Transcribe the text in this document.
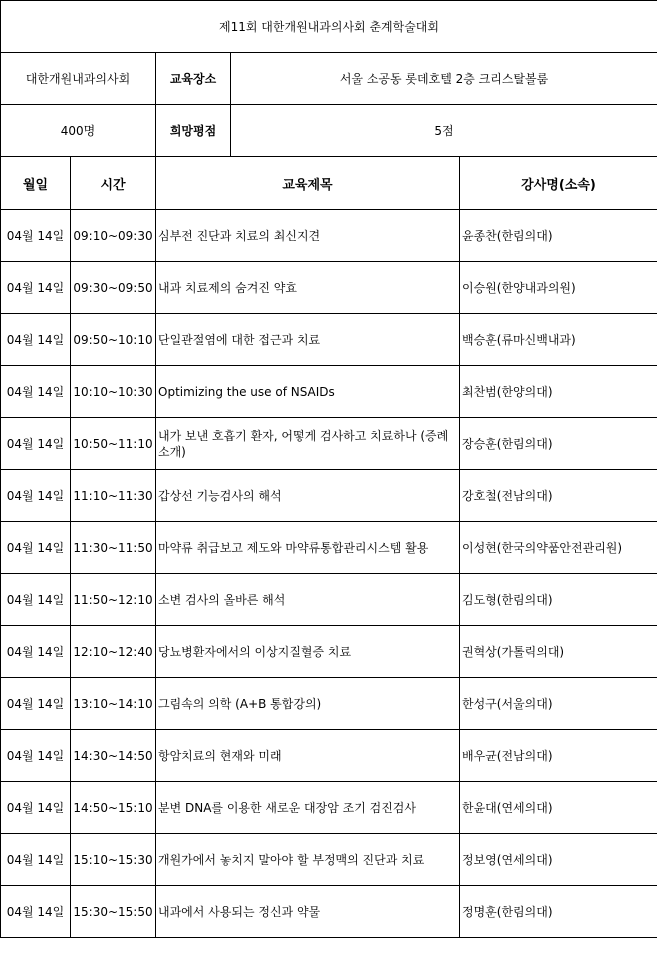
제11회 대한개원내과의사회 춘계학술대회				
대한개원내과의사회		교육장소	서울 소공동 롯데호텔 2층 크리스탈볼룸	
400명		희망평점	5점	
월일	시간	교육제목		강사명(소속)
04월 14일	09:10~09:30	심부전 진단과 치료의 최신지견		윤종찬(한림의대)
04월 14일	09:30~09:50	내과 치료제의 숨겨진 약효		이승원(한양내과의원)
04월 14일	09:50~10:10	단일관절염에 대한 접근과 치료		백승훈(류마신백내과)
04월 14일	10:10~10:30	Optimizing the use of NSAIDs		최찬범(한양의대)
04월 14일	10:50~11:10	내가 보낸 호흡기 환자, 어떻게 검사하고 치료하나 (증례 소개)		장승훈(한림의대)
04월 14일	11:10~11:30	갑상선 기능검사의 해석		강호철(전남의대)
04월 14일	11:30~11:50	마약류 취급보고 제도와 마약류통합관리시스템 활용		이성현(한국의약품안전관리원)
04월 14일	11:50~12:10	소변 검사의 올바른 해석		김도형(한림의대)
04월 14일	12:10~12:40	당뇨병환자에서의 이상지질혈증 치료		권혁상(가톨릭의대)
04월 14일	13:10~14:10	그림속의 의학 (A+B 통합강의)		한성구(서울의대)
04월 14일	14:30~14:50	항암치료의 현재와 미래		배우균(전남의대)
04월 14일	14:50~15:10	분변 DNA를 이용한 새로운 대장암 조기 검진검사		한윤대(연세의대)
04월 14일	15:10~15:30	개원가에서 놓치지 말아야 할 부정맥의 진단과 치료		정보영(연세의대)
04월 14일	15:30~15:50	내과에서 사용되는 정신과 약물		정명훈(한림의대)
